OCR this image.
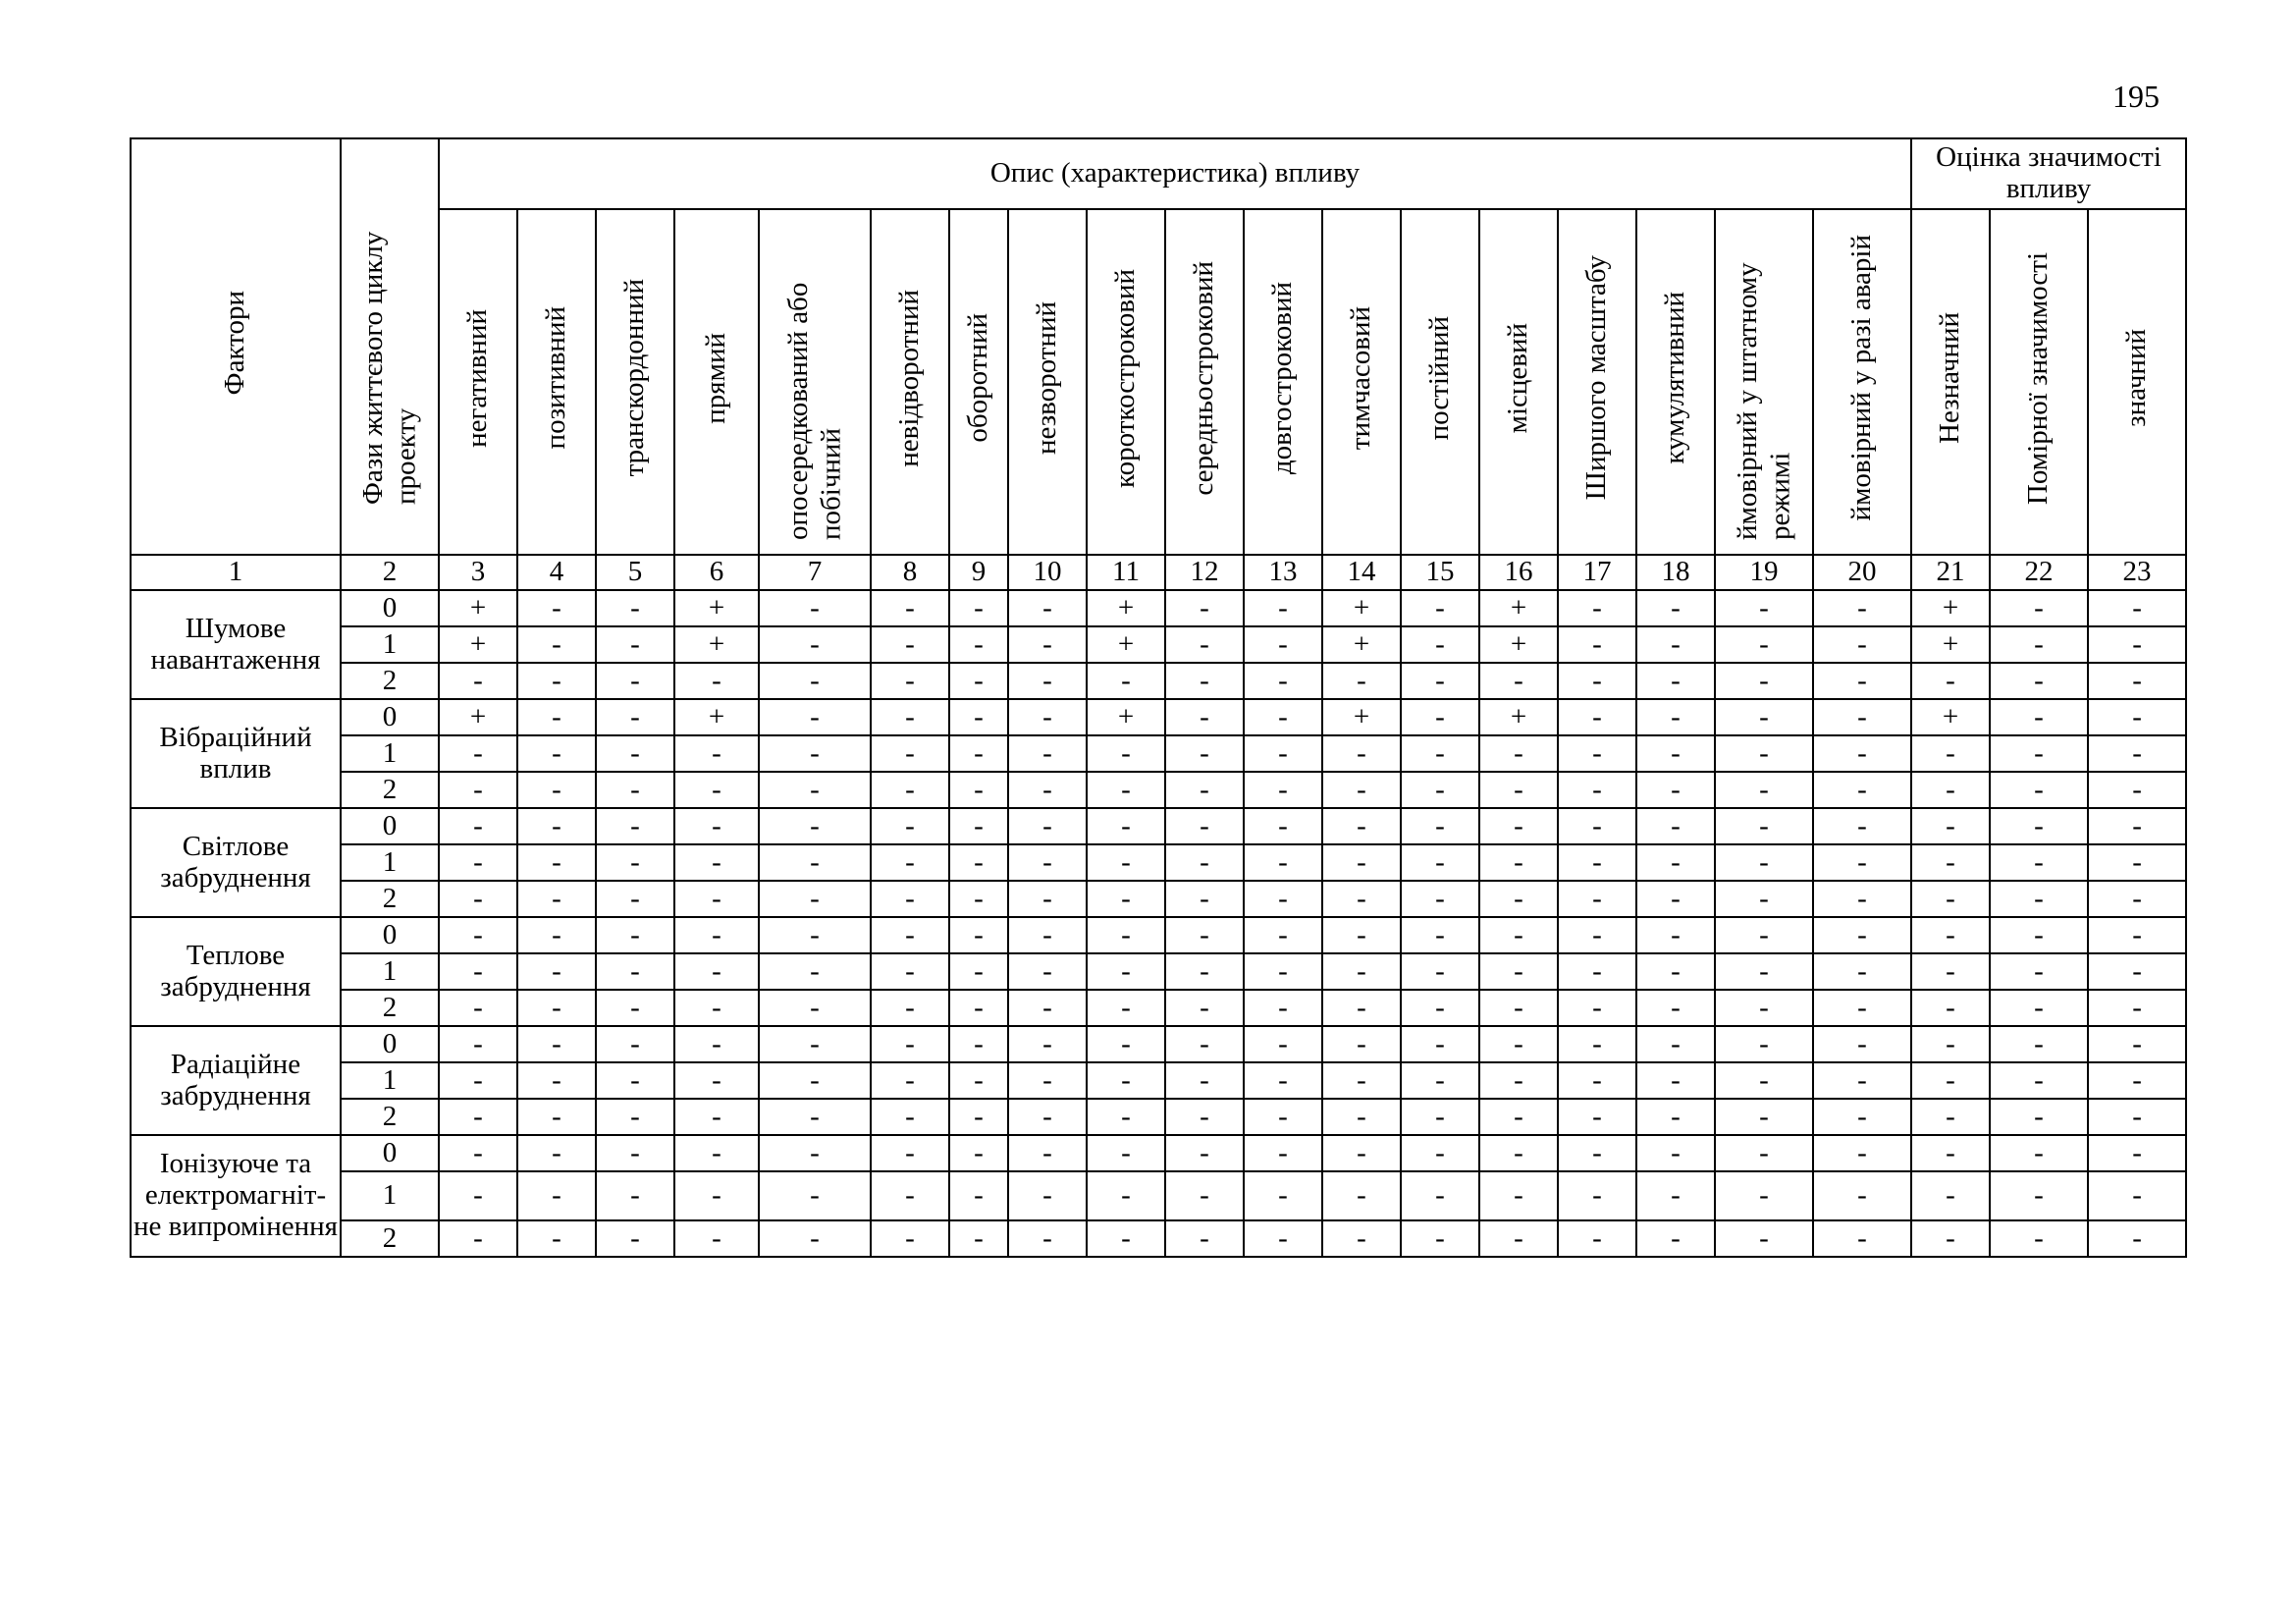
195
Фактори	Фази життєвого циклу проекту	Опис (характеристика) впливу																		Оцінка значимості впливу		
		негативний	позитивний	транскордонний	прямий	опосередкований або побічний	невідворотний	оборотний	незворотний	короткостроковий	середньостроковий	довгостроковий	тимчасовий	постійний	місцевий	Ширшого масштабу	кумулятивний	ймовірний у штатному режимі	ймовірний у разі аварій	Незначний	Помірної значимості	значний
1	2	3	4	5	6	7	8	9	10	11	12	13	14	15	16	17	18	19	20	21	22	23
Шумове навантаження	0	+	-	-	+	-	-	-	-	+	-	-	+	-	+	-	-	-	-	+	-	-
	1	+	-	-	+	-	-	-	-	+	-	-	+	-	+	-	-	-	-	+	-	-
	2	-	-	-	-	-	-	-	-	-	-	-	-	-	-	-	-	-	-	-	-	-
Вібраційний вплив	0	+	-	-	+	-	-	-	-	+	-	-	+	-	+	-	-	-	-	+	-	-
	1	-	-	-	-	-	-	-	-	-	-	-	-	-	-	-	-	-	-	-	-	-
	2	-	-	-	-	-	-	-	-	-	-	-	-	-	-	-	-	-	-	-	-	-
Світлове забруднення	0	-	-	-	-	-	-	-	-	-	-	-	-	-	-	-	-	-	-	-	-	-
	1	-	-	-	-	-	-	-	-	-	-	-	-	-	-	-	-	-	-	-	-	-
	2	-	-	-	-	-	-	-	-	-	-	-	-	-	-	-	-	-	-	-	-	-
Теплове забруднення	0	-	-	-	-	-	-	-	-	-	-	-	-	-	-	-	-	-	-	-	-	-
	1	-	-	-	-	-	-	-	-	-	-	-	-	-	-	-	-	-	-	-	-	-
	2	-	-	-	-	-	-	-	-	-	-	-	-	-	-	-	-	-	-	-	-	-
Радіаційне забруднення	0	-	-	-	-	-	-	-	-	-	-	-	-	-	-	-	-	-	-	-	-	-
	1	-	-	-	-	-	-	-	-	-	-	-	-	-	-	-	-	-	-	-	-	-
	2	-	-	-	-	-	-	-	-	-	-	-	-	-	-	-	-	-	-	-	-	-
Іонізуюче та електромагніт-не випромінення	0	-	-	-	-	-	-	-	-	-	-	-	-	-	-	-	-	-	-	-	-	-
	1	-	-	-	-	-	-	-	-	-	-	-	-	-	-	-	-	-	-	-	-	-
	2	-	-	-	-	-	-	-	-	-	-	-	-	-	-	-	-	-	-	-	-	-
